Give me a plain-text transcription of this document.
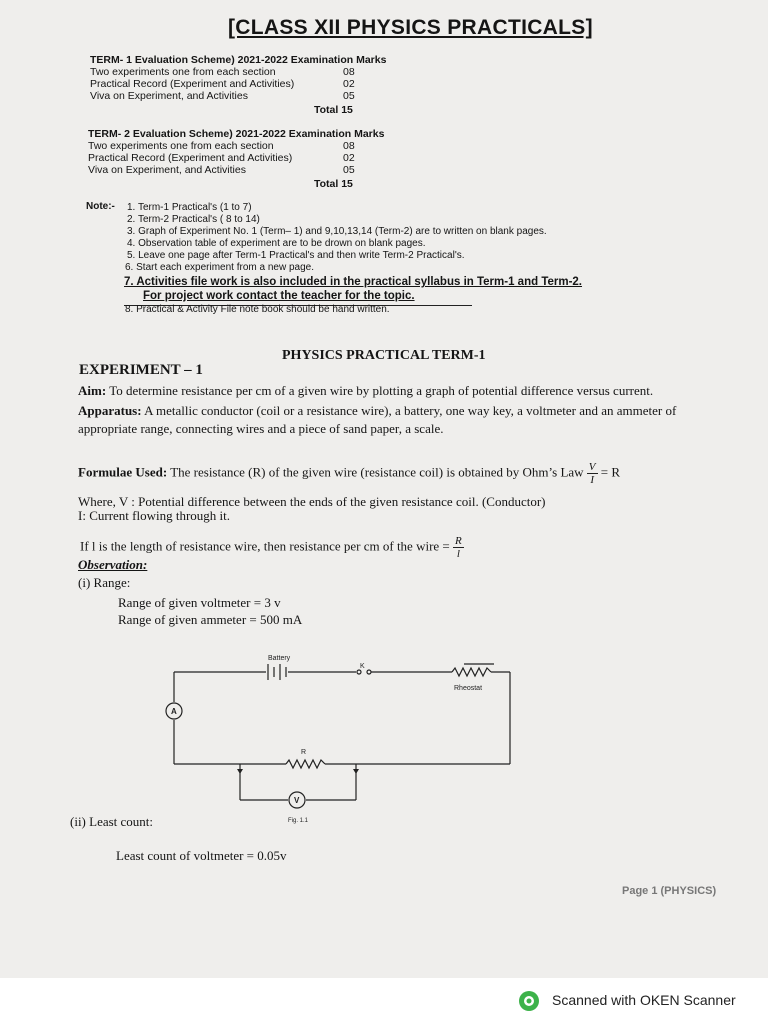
[CLASS XII PHYSICS PRACTICALS]
TERM- 1 Evaluation Scheme) 2021-2022 Examination Marks
Two experiments one from each section
Practical Record (Experiment and Activities)
Viva on Experiment, and Activities
08
02
05
Total 15
TERM- 2 Evaluation Scheme) 2021-2022 Examination Marks
Two experiments one from each section
Practical Record (Experiment and Activities)
Viva on Experiment, and Activities
08
02
05
Total 15
Note:- 1. Term-1 Practical's (1 to 7)
2. Term-2 Practical's ( 8 to 14)
3. Graph of Experiment No. 1 (Term– 1) and 9,10,13,14 (Term-2) are to written on blank pages.
4. Observation table of experiment are to be drown on blank pages.
5. Leave one page after Term-1 Practical's and then write Term-2 Practical's.
6. Start each experiment from a new page.
7. Activities file work is also included in the practical syllabus in Term-1 and Term-2.
For project work contact the teacher for the topic.
8. Practical & Activity File note book should be hand written.
PHYSICS PRACTICAL TERM-1
EXPERIMENT – 1
Aim: To determine resistance per cm of a given wire by plotting a graph of potential difference versus current.
Apparatus: A metallic conductor (coil or a resistance wire), a battery, one way key, a voltmeter and an ammeter of
appropriate range, connecting wires and a piece of sand paper, a scale.
Formulae Used: The resistance (R) of the given wire (resistance coil) is obtained by Ohm’s Law $\frac{V}{I} = R$
Where, V : Potential difference between the ends of the given resistance coil. (Conductor)
I: Current flowing through it.
If l is the length of resistance wire, then resistance per cm of the wire = $\frac{R}{l}$
Observation:
(i) Range:
Range of given voltmeter = 3 v
Range of given ammeter = 500 mA
Battery
K
Rheostat
R
A
V
Fig. 1.1
(ii) Least count:
Least count of voltmeter = 0.05v
Page 1 (PHYSICS)
Scanned with OKEN Scanner
